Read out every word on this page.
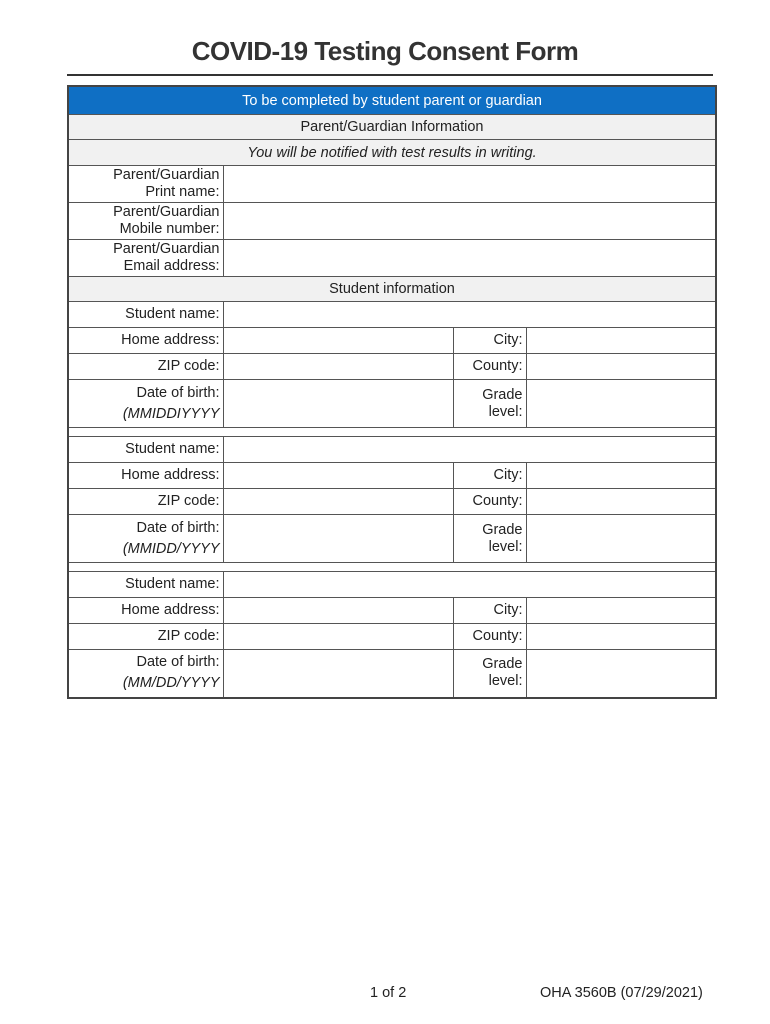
COVID-19 Testing Consent Form
To be completed by student parent or guardian			
Parent/Guardian Information			
You will be notified with test results in writing.			
Parent/Guardian
Print name:			
Parent/Guardian
Mobile number:			
Parent/Guardian
Email address:			
Student information			
Student name:			
Home address:		City:	
ZIP code:		County:	
Date of birth:
(MMIDDIYYYY		Grade
level:	

Student name:			
Home address:		City:	
ZIP code:		County:	
Date of birth:
(MMIDD/YYYY		Grade
level:	

Student name:			
Home address:		City:	
ZIP code:		County:	
Date of birth:
(MM/DD/YYYY		Grade
level:	
1 of 2	OHA 3560B (07/29/2021)
